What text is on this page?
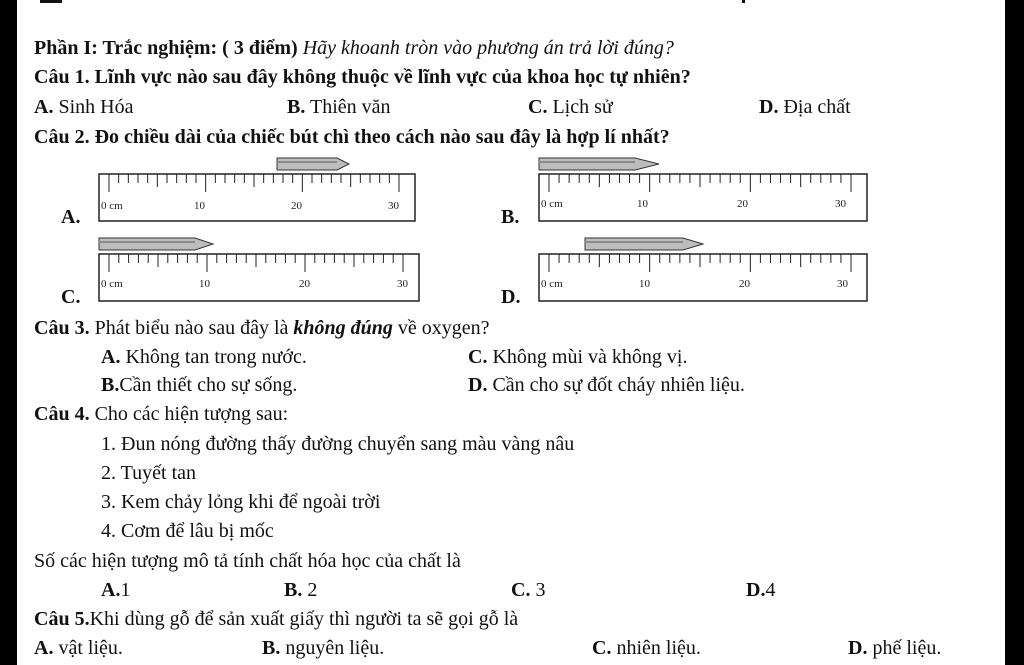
Phần I: Trắc nghiệm: ( 3 điểm) Hãy khoanh tròn vào phương án trả lời đúng?
Câu 1. Lĩnh vực nào sau đây không thuộc về lĩnh vực của khoa học tự nhiên?
A. Sinh Hóa	B. Thiên văn	C. Lịch sử	D. Địa chất
Câu 2. Đo chiều dài của chiếc bút chì theo cách nào sau đây là hợp lí nhất?
A.	B.
C.	D.
0 cm	10	20	30	0 cm	10	20	30
0 cm	10	20	30	0 cm	10	20	30
Câu 3. Phát biểu nào sau đây là không đúng về oxygen?
A. Không tan trong nước.	C. Không mùi và không vị.
B.Cần thiết cho sự sống.	D. Cần cho sự đốt cháy nhiên liệu.
Câu 4. Cho các hiện tượng sau:
1. Đun nóng đường thấy đường chuyển sang màu vàng nâu
2. Tuyết tan
3. Kem chảy lỏng khi để ngoài trời
4. Cơm để lâu bị mốc
Số các hiện tượng mô tả tính chất hóa học của chất là
A.1	B. 2	C. 3	D.4
Câu 5.Khi dùng gỗ để sản xuất giấy thì người ta sẽ gọi gỗ là
A. vật liệu.	B. nguyên liệu.	C. nhiên liệu.	D. phế liệu.
